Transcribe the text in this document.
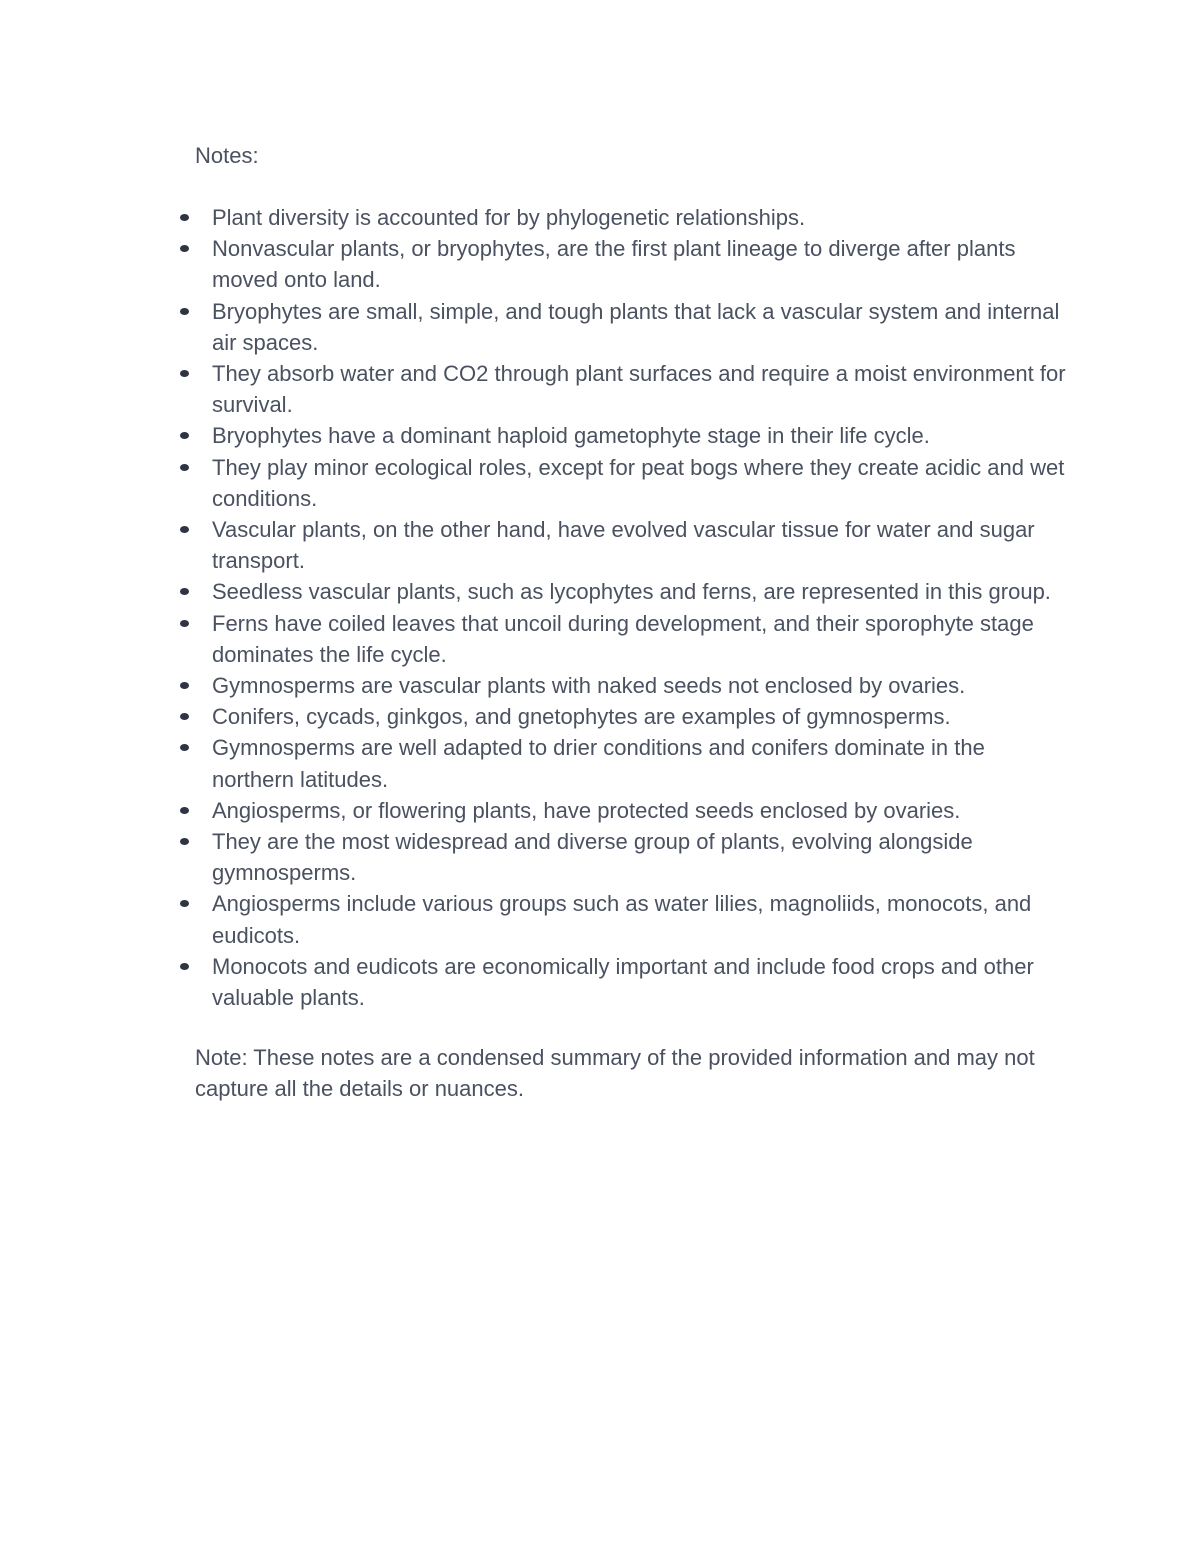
Notes:

Plant diversity is accounted for by phylogenetic relationships.
Nonvascular plants, or bryophytes, are the first plant lineage to diverge after plants moved onto land.
Bryophytes are small, simple, and tough plants that lack a vascular system and internal air spaces.
They absorb water and CO2 through plant surfaces and require a moist environment for survival.
Bryophytes have a dominant haploid gametophyte stage in their life cycle.
They play minor ecological roles, except for peat bogs where they create acidic and wet conditions.
Vascular plants, on the other hand, have evolved vascular tissue for water and sugar transport.
Seedless vascular plants, such as lycophytes and ferns, are represented in this group.
Ferns have coiled leaves that uncoil during development, and their sporophyte stage dominates the life cycle.
Gymnosperms are vascular plants with naked seeds not enclosed by ovaries.
Conifers, cycads, ginkgos, and gnetophytes are examples of gymnosperms.
Gymnosperms are well adapted to drier conditions and conifers dominate in the northern latitudes.
Angiosperms, or flowering plants, have protected seeds enclosed by ovaries.
They are the most widespread and diverse group of plants, evolving alongside gymnosperms.
Angiosperms include various groups such as water lilies, magnoliids, monocots, and eudicots.
Monocots and eudicots are economically important and include food crops and other valuable plants.

Note: These notes are a condensed summary of the provided information and may not capture all the details or nuances.
